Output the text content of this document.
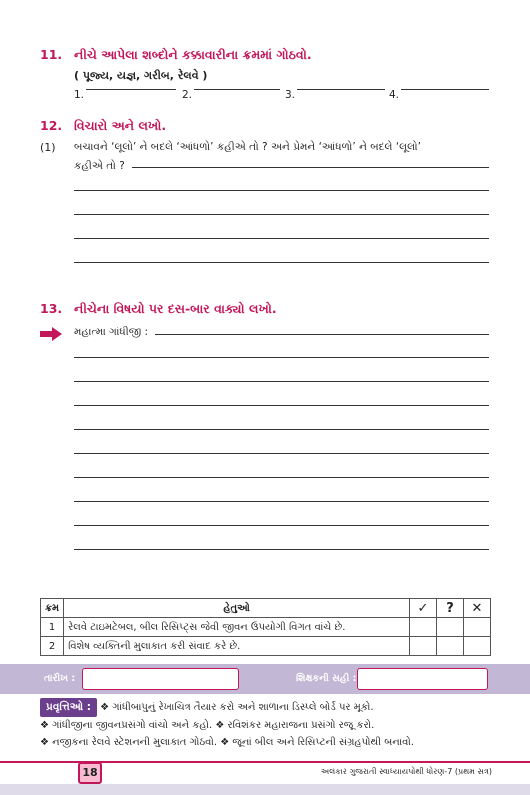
11. નીચે આપેલા શબ્દોને કક્કાવારીના ક્રમમાં ગોઠવો.
( પૂજ્ય, યજ્ઞ, ગરીબ, રેલવે )
1.	2.	3.	4.
12. વિચારો અને લખો.
(1) બચાવને ‘લૂલો’ ને બદલે ‘આંધળો’ કહીએ તો ? અને પ્રેમને ‘આંધળો’ ને બદલે ‘લૂલો’
કહીએ તો ?
13. નીચેના વિષયો પર દસ-બાર વાક્યો લખો.
મહાત્મા ગાંધીજી :
ક્રમ	હેતુઓ	✓	?	✕
1	રેલવે ટાઇમટેબલ, બીલ રિસિપ્ટ્સ જેવી જીવન ઉપયોગી વિગત વાંચે છે.			
2	વિશેષ વ્યક્તિની મુલાકાત કરી સંવાદ કરે છે.			
તારીખ :	શિક્ષકની સહી :
પ્રવૃત્તિઓ : ❖ ગાંધીબાપુનું રેખાચિત્ર તૈયાર કરો અને શાળાના ડિસ્પ્લે બોર્ડ પર મૂકો.
❖ ગાંધીજીના જીવનપ્રસંગો વાંચો અને કહો. ❖ રવિશંકર મહારાજના પ્રસંગો રજૂ કરો.
❖ નજીકના રેલવે સ્ટેશનની મુલાકાત ગોઠવો. ❖ જૂનાં બીલ અને રિસિપ્ટની સંગ્રહપોથી બનાવો.
18	અલંકાર ગુજરાતી સ્વાધ્યાયપોથી ધોરણ-7 (પ્રથમ સત્ર)
